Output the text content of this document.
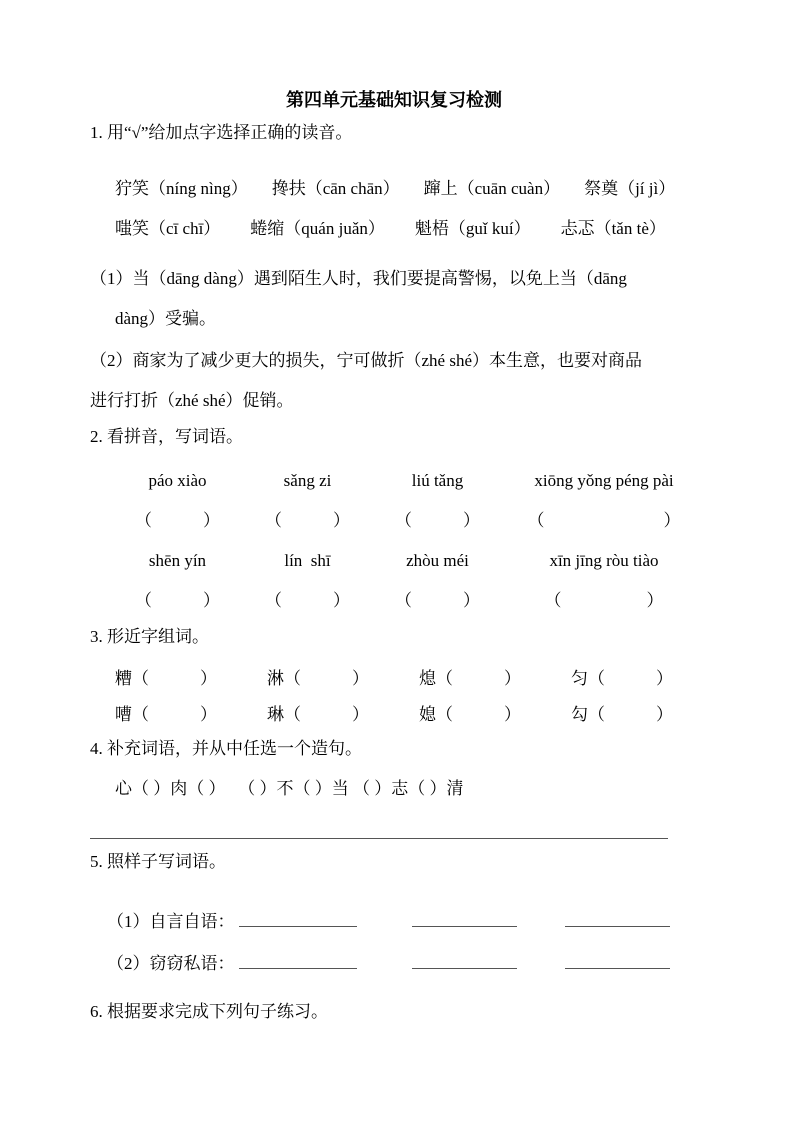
第四单元基础知识复习检测
1. 用“√”给加点字选择正确的读音。
狞笑（níng nìng） 搀扶（cān chān） 蹿上（cuān cuàn） 祭奠（jí jì）
嗤笑（cī chī） 蜷缩（quán juǎn） 魁梧（guǐ kuí） 忐忑（tǎn tè）
（1）当（dāng dàng）遇到陌生人时，我们要提高警惕，以免上当（dāng
dàng）受骗。
（2）商家为了减少更大的损失，宁可做折（zhé shé）本生意，也要对商品
进行打折（zhé shé）促销。
2. 看拼音，写词语。
páo xiào	sǎng zi	liú tǎng	xiōng yǒng péng pài
（　　　）	（　　　）	（　　　）	（　　　　　　　）
shēn yín	lín  shī	zhòu méi	xīn jīng ròu tiào
（　　　）	（　　　）	（　　　）	（　　　　　）
3. 形近字组词。
糟（　　　）	淋（　　　）	熄（　　　）	匀（　　　）
嘈（　　　）	琳（　　　）	媳（　　　）	勾（　　　）
4. 补充词语，并从中任选一个造句。
心（ ）肉（ ）　 （ ）不（ ）当 （ ）志（ ）清
5. 照样子写词语。

（1）自言自语：

（2）窃窃私语：

6. 根据要求完成下列句子练习。
